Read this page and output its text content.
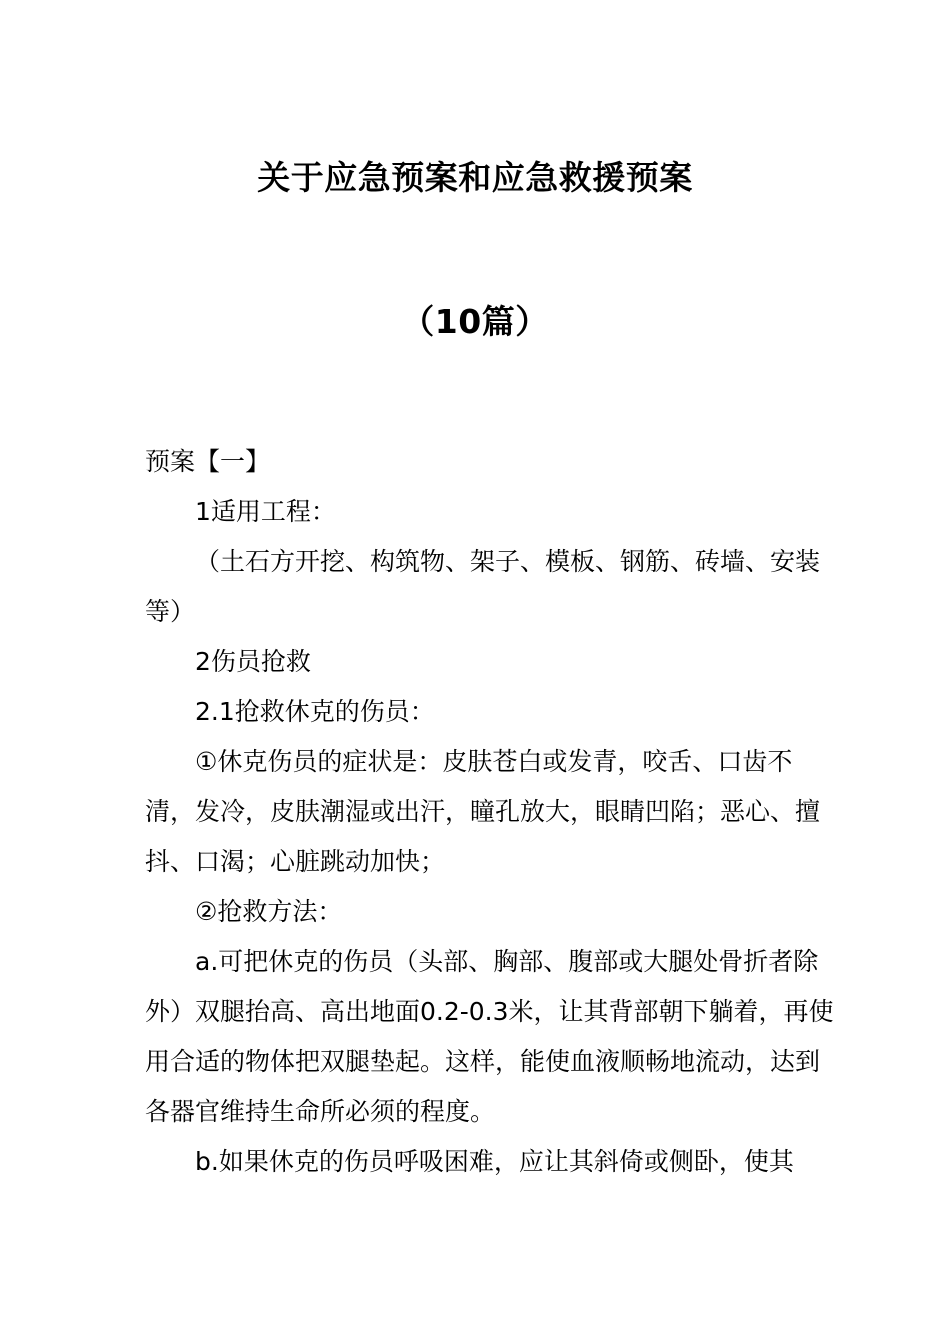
关于应急预案和应急救援预案
（10篇）

预案【一】

1适用工程：

（土石方开挖、构筑物、架子、模板、钢筋、砖墙、安装等）

2伤员抢救

2.1抢救休克的伤员：

①休克伤员的症状是：皮肤苍白或发青，咬舌、口齿不清，发冷，皮肤潮湿或出汗，瞳孔放大，眼睛凹陷；恶心、擅抖、口渴；心脏跳动加快；

②抢救方法：

a.可把休克的伤员（头部、胸部、腹部或大腿处骨折者除外）双腿抬高、高出地面0.2-0.3米，让其背部朝下躺着，再使用合适的物体把双腿垫起。这样，能使血液顺畅地流动，达到各器官维持生命所必须的程度。

b.如果休克的伤员呼吸困难，应让其斜倚或侧卧，使其
